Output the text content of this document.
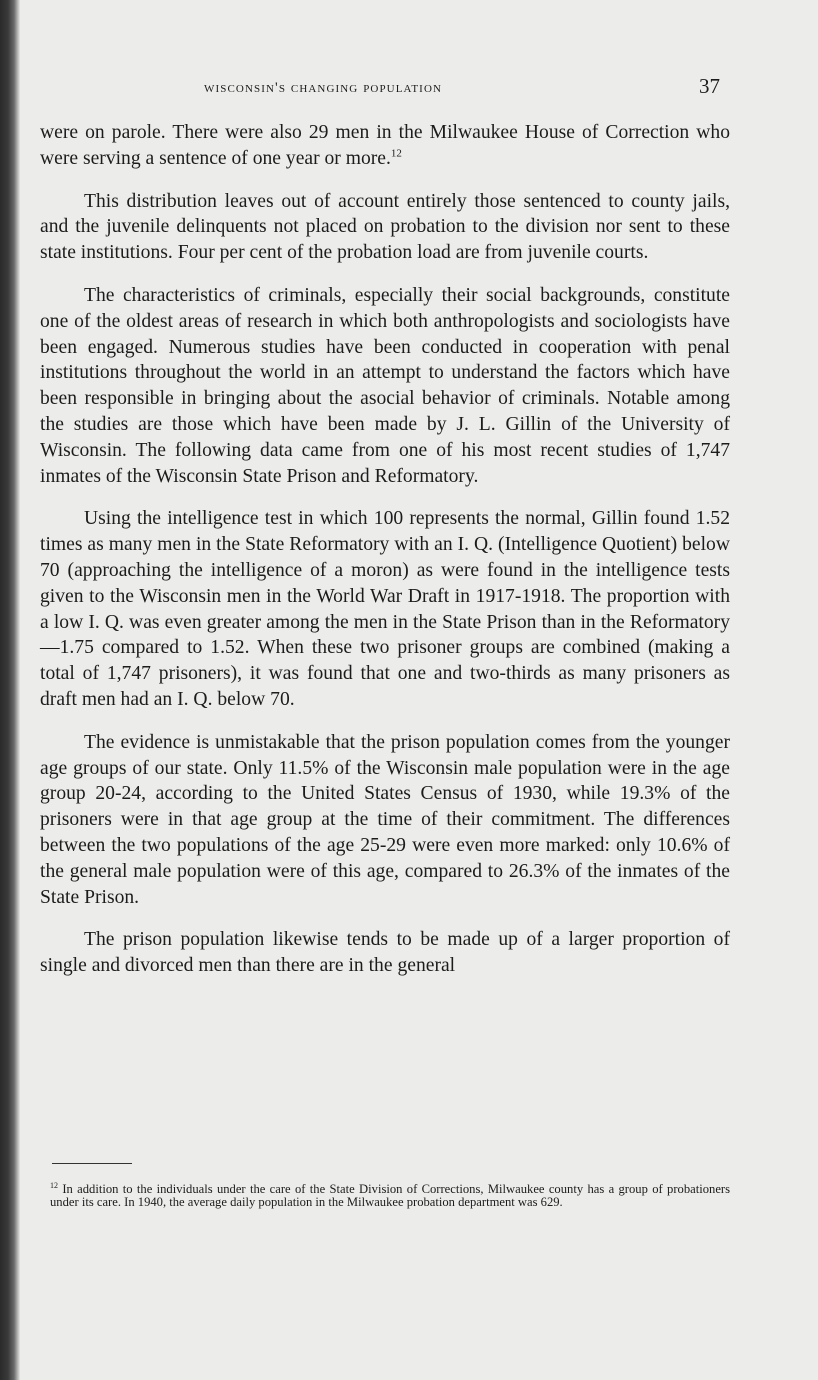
wisconsin's changing population	37

were on parole. There were also 29 men in the Milwaukee House of Correction who were serving a sentence of one year or more.$^{12}$

This distribution leaves out of account entirely those sentenced to county jails, and the juvenile delinquents not placed on probation to the division nor sent to these state institutions. Four per cent of the probation load are from juvenile courts.

The characteristics of criminals, especially their social backgrounds, constitute one of the oldest areas of research in which both anthropologists and sociologists have been engaged. Numerous studies have been conducted in cooperation with penal institutions throughout the world in an attempt to understand the factors which have been responsible in bringing about the asocial behavior of criminals. Notable among the studies are those which have been made by J. L. Gillin of the University of Wisconsin. The following data came from one of his most recent studies of 1,747 inmates of the Wisconsin State Prison and Reformatory.

Using the intelligence test in which 100 represents the normal, Gillin found 1.52 times as many men in the State Reformatory with an I. Q. (Intelligence Quotient) below 70 (approaching the intelligence of a moron) as were found in the intelligence tests given to the Wisconsin men in the World War Draft in 1917-1918. The proportion with a low I. Q. was even greater among the men in the State Prison than in the Reformatory—1.75 compared to 1.52. When these two prisoner groups are combined (making a total of 1,747 prisoners), it was found that one and two-thirds as many prisoners as draft men had an I. Q. below 70.

The evidence is unmistakable that the prison population comes from the younger age groups of our state. Only 11.5% of the Wisconsin male population were in the age group 20-24, according to the United States Census of 1930, while 19.3% of the prisoners were in that age group at the time of their commitment. The differences between the two populations of the age 25-29 were even more marked: only 10.6% of the general male population were of this age, compared to 26.3% of the inmates of the State Prison.

The prison population likewise tends to be made up of a larger proportion of single and divorced men than there are in the general

$^{12}$ In addition to the individuals under the care of the State Division of Corrections, Milwaukee county has a group of probationers under its care. In 1940, the average daily population in the Milwaukee probation department was 629.
